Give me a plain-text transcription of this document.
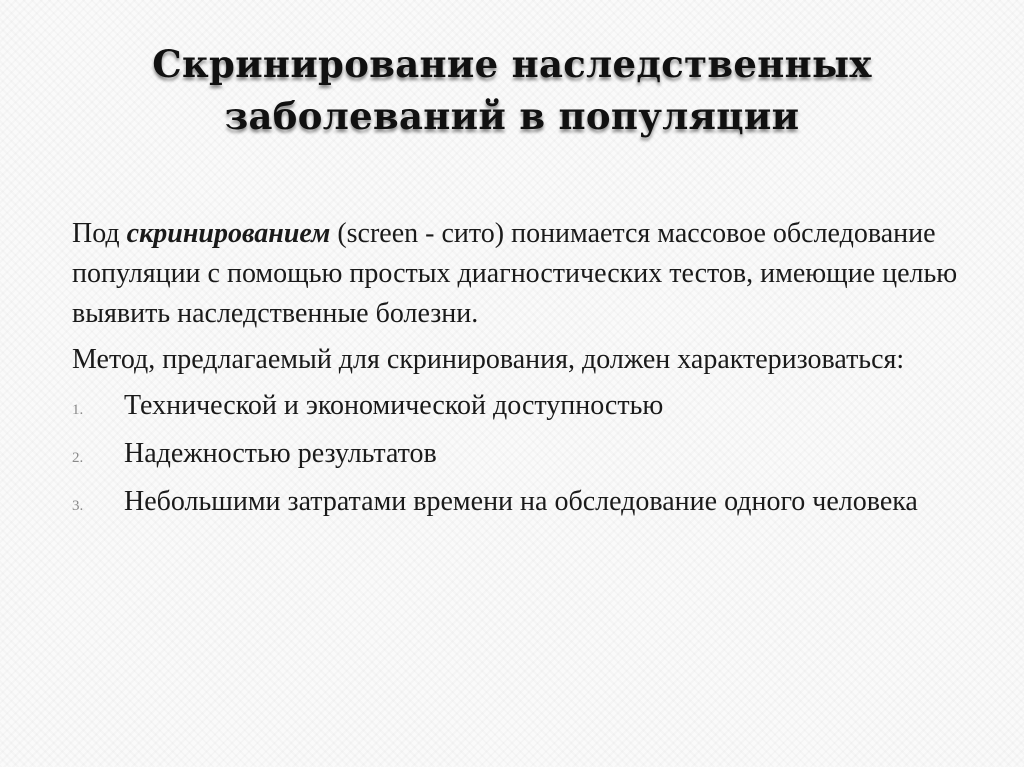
Скринирование наследственных
заболеваний в популяции

Под скринированием (screen - сито) понимается массовое обследование популяции с помощью простых диагностических тестов, имеющие целью выявить наследственные болезни.

Метод, предлагаемый для скринирования, должен характеризоваться:

1. Технической и экономической доступностью
2. Надежностью результатов
3. Небольшими затратами времени на обследование одного человека
